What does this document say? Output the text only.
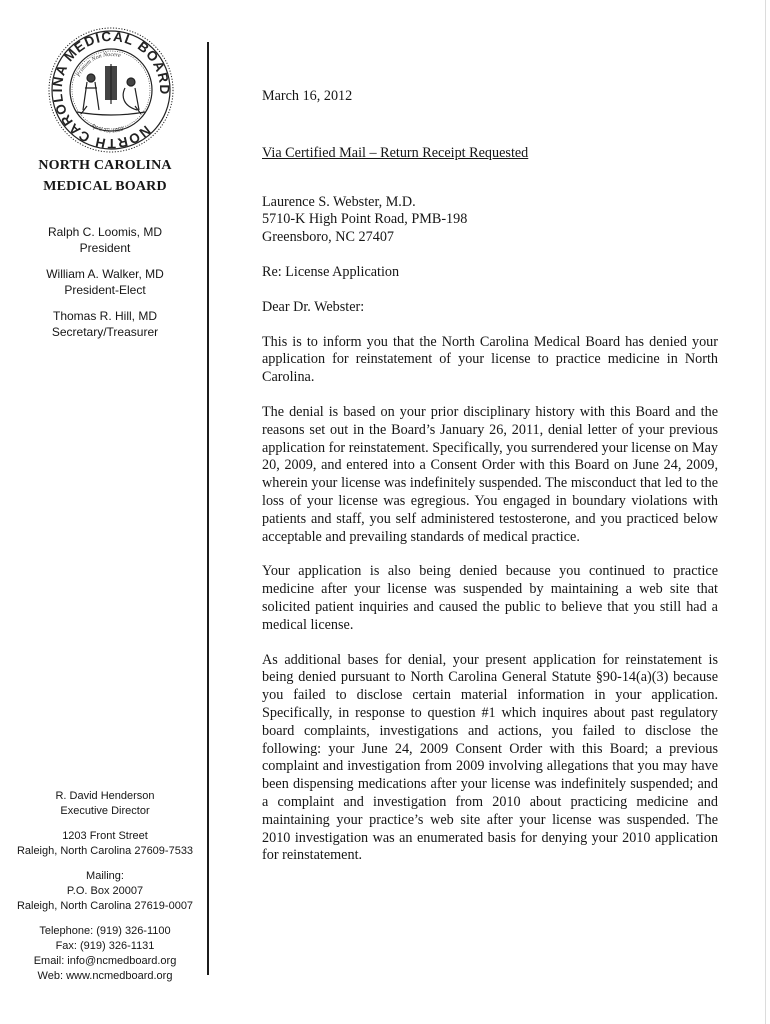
NORTH CAROLINA MEDICAL BOARD
Primum Non Nocere
April 15, 1859
NORTH CAROLINA
MEDICAL BOARD
Ralph C. Loomis, MD
President
William A. Walker, MD
President-Elect
Thomas R. Hill, MD
Secretary/Treasurer
R. David Henderson
Executive Director
1203 Front Street
Raleigh, North Carolina 27609-7533
Mailing:
P.O. Box 20007
Raleigh, North Carolina 27619-0007
Telephone: (919) 326-1100
Fax: (919) 326-1131
Email: info@ncmedboard.org
Web: www.ncmedboard.org

March 16, 2012

Via Certified Mail – Return Receipt Requested

Laurence S. Webster, M.D.
5710-K High Point Road, PMB-198
Greensboro, NC 27407

Re: License Application

Dear Dr. Webster:

This is to inform you that the North Carolina Medical Board has denied your application for reinstatement of your license to practice medicine in North Carolina.

The denial is based on your prior disciplinary history with this Board and the reasons set out in the Board’s January 26, 2011, denial letter of your previous application for reinstatement. Specifically, you surrendered your license on May 20, 2009, and entered into a Consent Order with this Board on June 24, 2009, wherein your license was indefinitely suspended. The misconduct that led to the loss of your license was egregious. You engaged in boundary violations with patients and staff, you self administered testosterone, and you practiced below acceptable and prevailing standards of medical practice.

Your application is also being denied because you continued to practice medicine after your license was suspended by maintaining a web site that solicited patient inquiries and caused the public to believe that you still had a medical license.

As additional bases for denial, your present application for reinstatement is being denied pursuant to North Carolina General Statute §90-14(a)(3) because you failed to disclose certain material information in your application. Specifically, in response to question #1 which inquires about past regulatory board complaints, investigations and actions, you failed to disclose the following: your June 24, 2009 Consent Order with this Board; a previous complaint and investigation from 2009 involving allegations that you may have been dispensing medications after your license was indefinitely suspended; and a complaint and investigation from 2010 about practicing medicine and maintaining your practice’s web site after your license was suspended. The 2010 investigation was an enumerated basis for denying your 2010 application for reinstatement.
